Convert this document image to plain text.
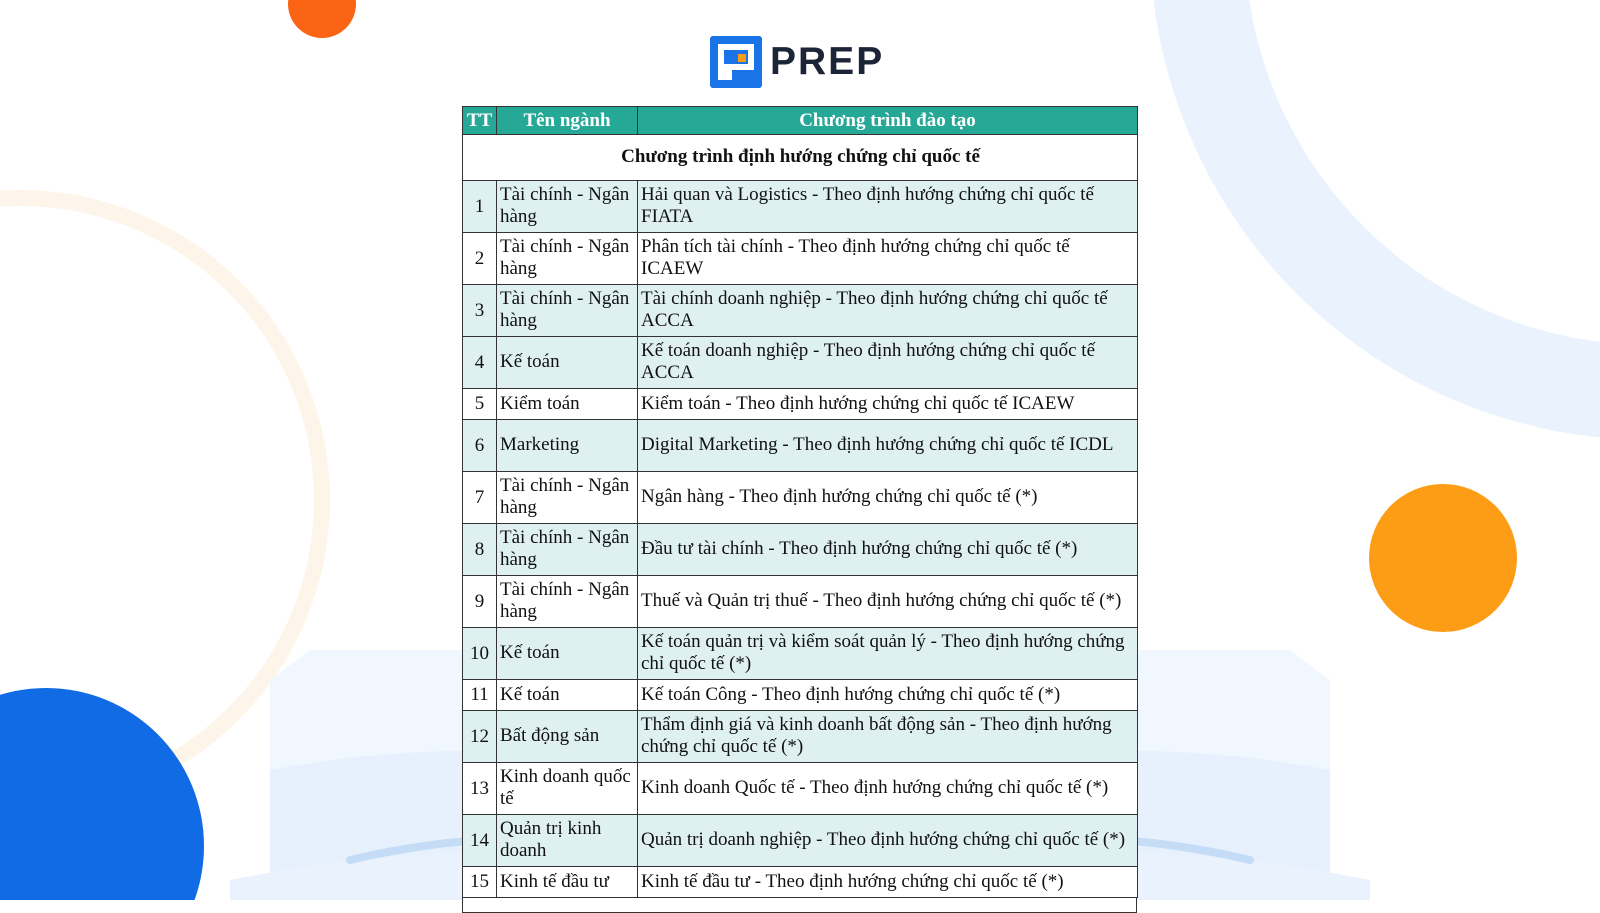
PREP
TT	Tên ngành	Chương trình đào tạo
Chương trình định hướng chứng chỉ quốc tế		
1	Tài chính - Ngân hàng	Hải quan và Logistics - Theo định hướng chứng chỉ quốc tế FIATA
2	Tài chính - Ngân hàng	Phân tích tài chính - Theo định hướng chứng chỉ quốc tế ICAEW
3	Tài chính - Ngân hàng	Tài chính doanh nghiệp - Theo định hướng chứng chỉ quốc tế ACCA
4	Kế toán	Kế toán doanh nghiệp - Theo định hướng chứng chỉ quốc tế ACCA
5	Kiểm toán	Kiểm toán - Theo định hướng chứng chỉ quốc tế ICAEW
6	Marketing	Digital Marketing - Theo định hướng chứng chỉ quốc tế ICDL
7	Tài chính - Ngân hàng	Ngân hàng - Theo định hướng chứng chỉ quốc tế (*)
8	Tài chính - Ngân hàng	Đầu tư tài chính - Theo định hướng chứng chỉ quốc tế (*)
9	Tài chính - Ngân hàng	Thuế và Quản trị thuế - Theo định hướng chứng chỉ quốc tế (*)
10	Kế toán	Kế toán quản trị và kiểm soát quản lý - Theo định hướng chứng chỉ quốc tế (*)
11	Kế toán	Kế toán Công - Theo định hướng chứng chỉ quốc tế (*)
12	Bất động sản	Thẩm định giá và kinh doanh bất động sản - Theo định hướng chứng chỉ quốc tế (*)
13	Kinh doanh quốc tế	Kinh doanh Quốc tế - Theo định hướng chứng chỉ quốc tế (*)
14	Quản trị kinh doanh	Quản trị doanh nghiệp - Theo định hướng chứng chỉ quốc tế (*)
15	Kinh tế đầu tư	Kinh tế đầu tư - Theo định hướng chứng chỉ quốc tế (*)
